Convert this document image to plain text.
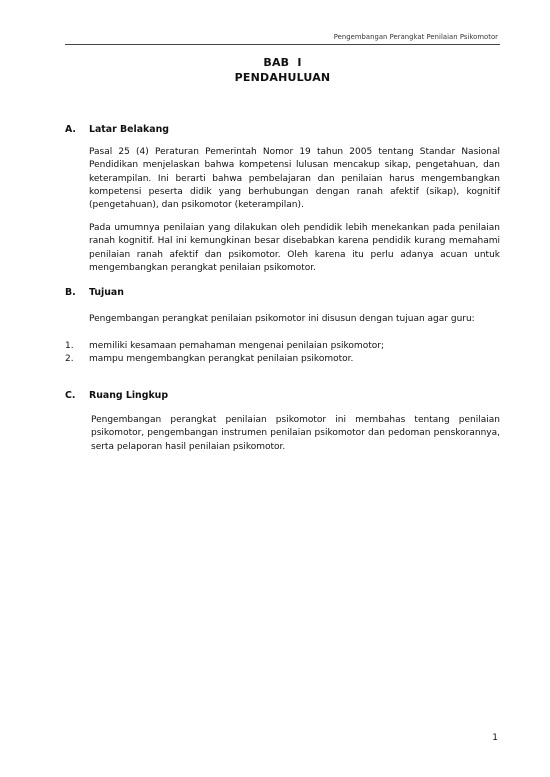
Pengembangan Perangkat Penilaian Psikomotor
BAB  I
PENDAHULUAN
A. Latar Belakang

Pasal 25 (4) Peraturan Pemerintah Nomor 19 tahun 2005 tentang Standar Nasional Pendidikan menjelaskan bahwa kompetensi lulusan mencakup sikap, pengetahuan, dan keterampilan. Ini berarti bahwa pembelajaran dan penilaian harus mengembangkan kompetensi peserta didik yang berhubungan dengan ranah afektif (sikap), kognitif (pengetahuan), dan psikomotor (keterampilan).

Pada umumnya penilaian yang dilakukan oleh pendidik lebih menekankan pada penilaian ranah kognitif. Hal ini kemungkinan besar disebabkan karena pendidik kurang memahami penilaian ranah afektif dan psikomotor. Oleh karena itu perlu adanya acuan untuk mengembangkan perangkat penilaian psikomotor.

B. Tujuan

Pengembangan perangkat penilaian psikomotor ini disusun dengan tujuan agar guru:

1.	memiliki kesamaan pemahaman mengenai penilaian psikomotor;
2.	mampu mengembangkan perangkat penilaian psikomotor.
C. Ruang Lingkup

Pengembangan perangkat penilaian psikomotor ini membahas tentang penilaian psikomotor, pengembangan instrumen penilaian psikomotor dan pedoman penskorannya, serta pelaporan hasil penilaian psikomotor.

1
